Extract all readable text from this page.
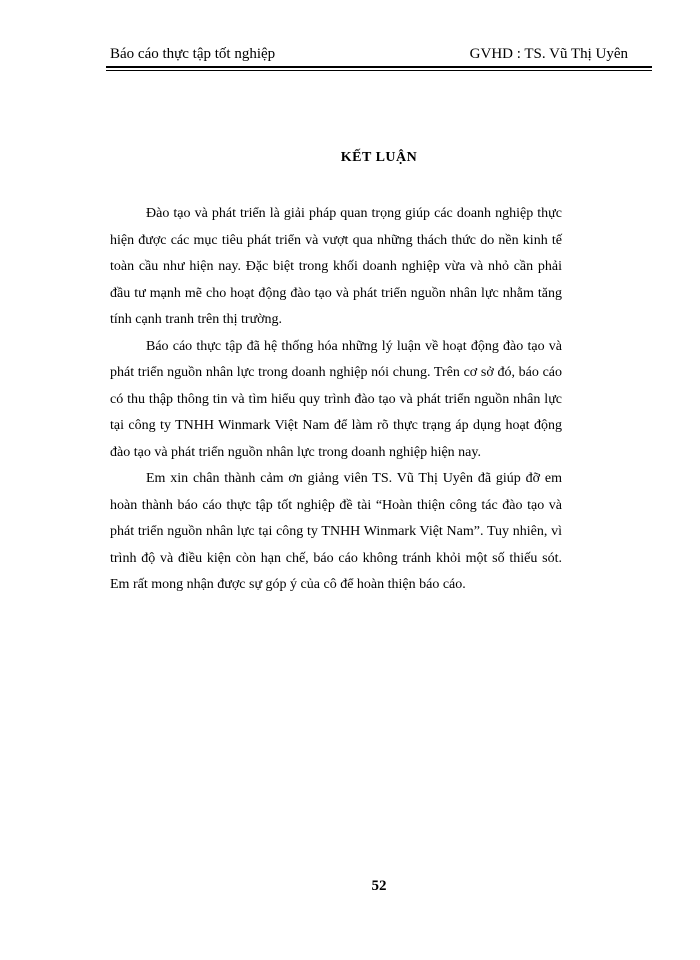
Báo cáo thực tập tốt nghiệp	GVHD : TS. Vũ Thị Uyên
KẾT LUẬN

Đào tạo và phát triển là giải pháp quan trọng giúp các doanh nghiệp thực hiện được các mục tiêu phát triển và vượt qua những thách thức do nền kinh tế toàn cầu như hiện nay. Đặc biệt trong khối doanh nghiệp vừa và nhỏ cần phải đầu tư mạnh mẽ cho hoạt động đào tạo và phát triển nguồn nhân lực nhằm tăng tính cạnh tranh trên thị trường.

Báo cáo thực tập đã hệ thống hóa những lý luận về hoạt động đào tạo và phát triển nguồn nhân lực trong doanh nghiệp nói chung. Trên cơ sở đó, báo cáo có thu thập thông tin và tìm hiểu quy trình đào tạo và phát triển nguồn nhân lực tại công ty TNHH Winmark Việt Nam để làm rõ thực trạng áp dụng hoạt động đào tạo và phát triển nguồn nhân lực trong doanh nghiệp hiện nay.

Em xin chân thành cảm ơn giảng viên TS. Vũ Thị Uyên đã giúp đỡ em hoàn thành báo cáo thực tập tốt nghiệp đề tài “Hoàn thiện công tác đào tạo và phát triển nguồn nhân lực tại công ty TNHH Winmark Việt Nam”. Tuy nhiên, vì trình độ và điều kiện còn hạn chế, báo cáo không tránh khỏi một số thiếu sót. Em rất mong nhận được sự góp ý của cô để hoàn thiện báo cáo.

52
